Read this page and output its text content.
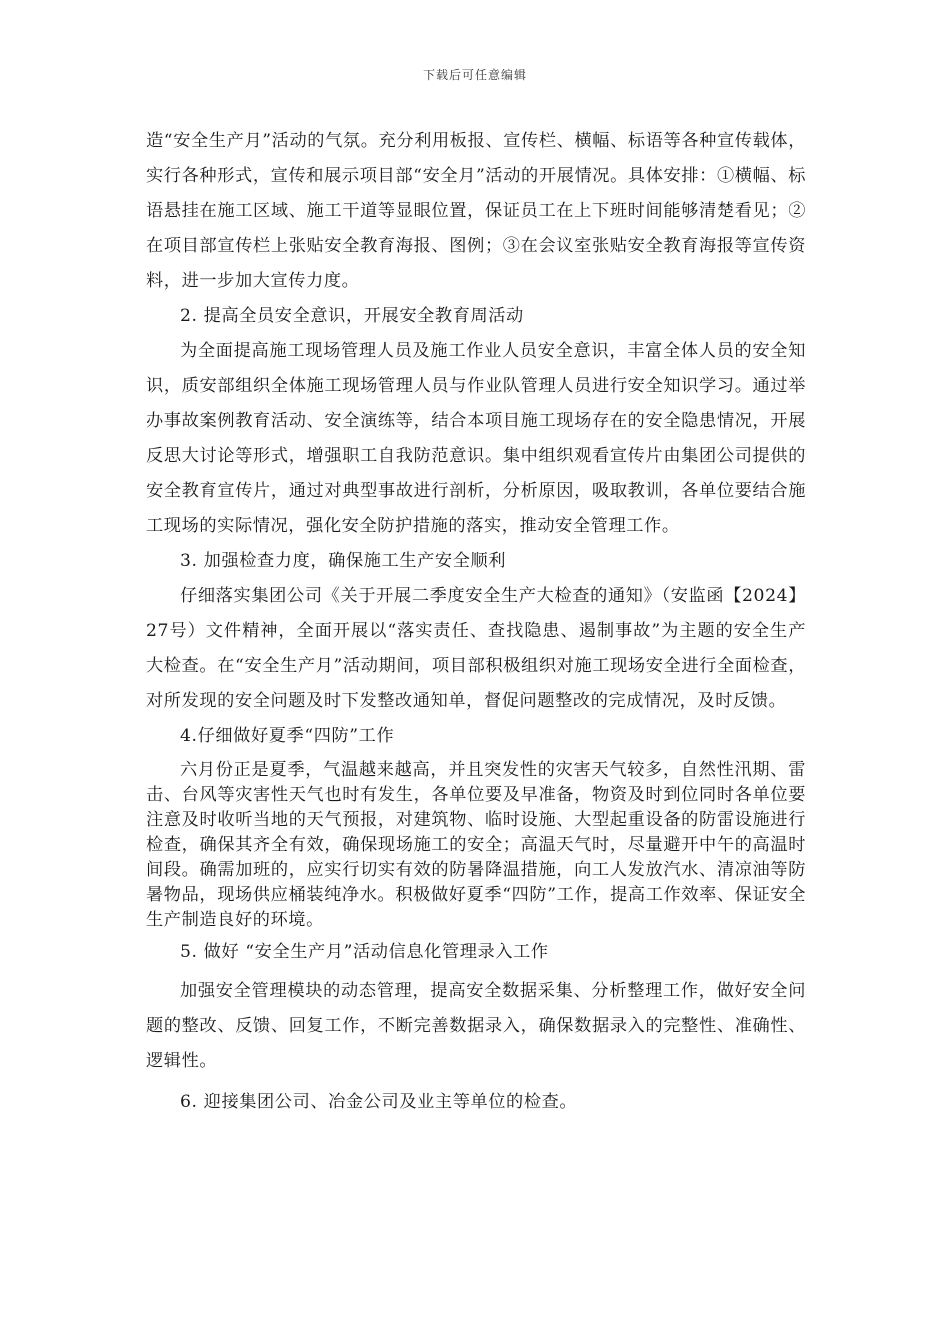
下载后可任意编辑

造“安全生产月”活动的气氛。充分利用板报、宣传栏、横幅、标语等各种宣传载体，实行各种形式，宣传和展示项目部“安全月”活动的开展情况。具体安排：①横幅、标语悬挂在施工区域、施工干道等显眼位置，保证员工在上下班时间能够清楚看见；②在项目部宣传栏上张贴安全教育海报、图例；③在会议室张贴安全教育海报等宣传资料，进一步加大宣传力度。

2. 提高全员安全意识，开展安全教育周活动

为全面提高施工现场管理人员及施工作业人员安全意识，丰富全体人员的安全知识，质安部组织全体施工现场管理人员与作业队管理人员进行安全知识学习。通过举办事故案例教育活动、安全演练等，结合本项目施工现场存在的安全隐患情况，开展反思大讨论等形式，增强职工自我防范意识。集中组织观看宣传片由集团公司提供的安全教育宣传片，通过对典型事故进行剖析，分析原因，吸取教训，各单位要结合施工现场的实际情况，强化安全防护措施的落实，推动安全管理工作。

3. 加强检查力度，确保施工生产安全顺利

仔细落实集团公司《关于开展二季度安全生产大检查的通知》（安监函【2024】27号）文件精神，全面开展以“落实责任、查找隐患、遏制事故”为主题的安全生产大检查。在“安全生产月”活动期间，项目部积极组织对施工现场安全进行全面检查，对所发现的安全问题及时下发整改通知单，督促问题整改的完成情况，及时反馈。

4.仔细做好夏季“四防”工作

六月份正是夏季，气温越来越高，并且突发性的灾害天气较多，自然性汛期、雷击、台风等灾害性天气也时有发生，各单位要及早准备，物资及时到位同时各单位要注意及时收听当地的天气预报，对建筑物、临时设施、大型起重设备的防雷设施进行检查，确保其齐全有效，确保现场施工的安全；高温天气时，尽量避开中午的高温时间段。确需加班的，应实行切实有效的防暑降温措施，向工人发放汽水、清凉油等防暑物品，现场供应桶装纯净水。积极做好夏季“四防”工作，提高工作效率、保证安全生产制造良好的环境。

5. 做好 “安全生产月”活动信息化管理录入工作

加强安全管理模块的动态管理，提高安全数据采集、分析整理工作，做好安全问题的整改、反馈、回复工作，不断完善数据录入，确保数据录入的完整性、准确性、逻辑性。

6. 迎接集团公司、冶金公司及业主等单位的检查。
